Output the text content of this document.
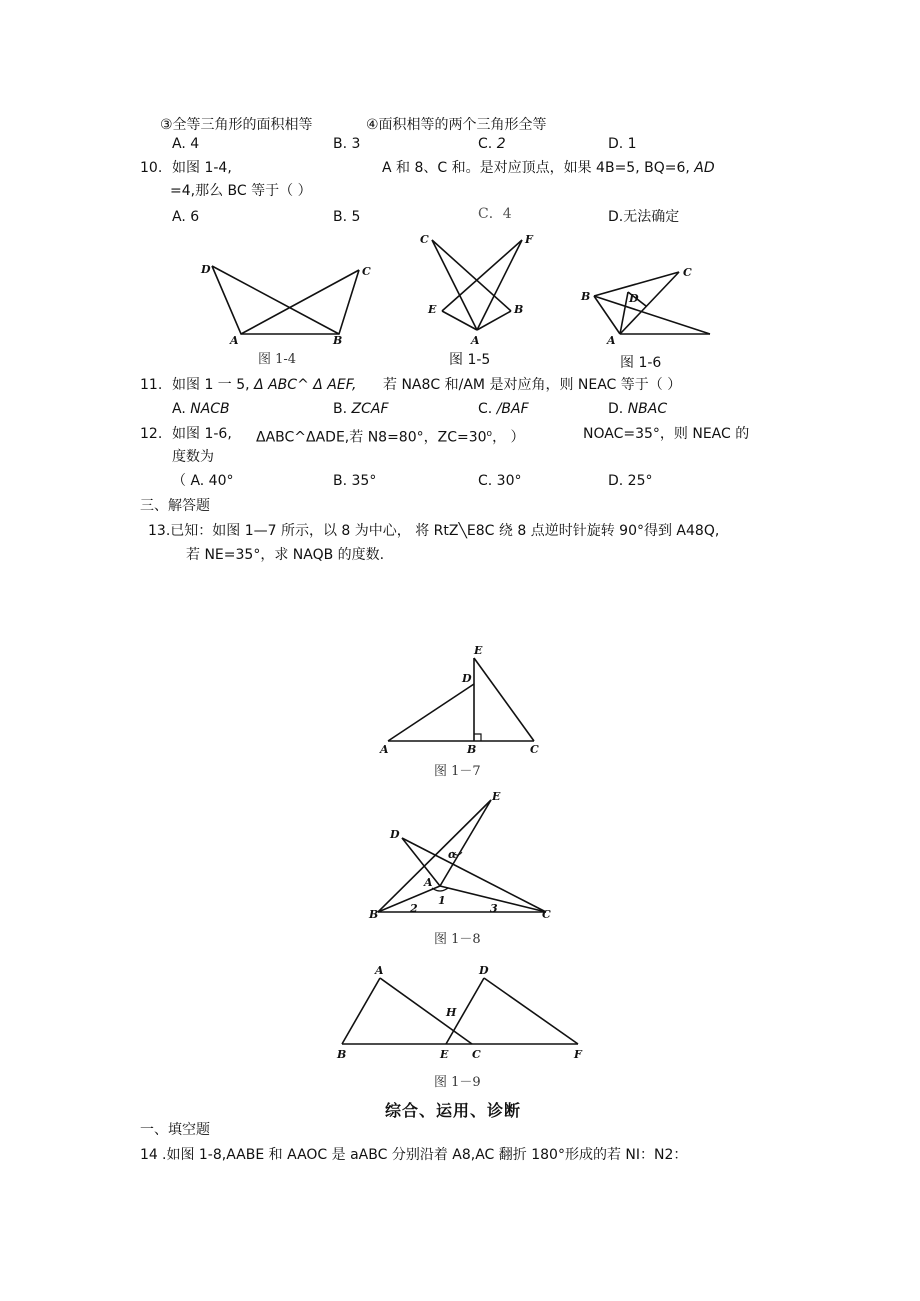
③全等三角形的面积相等	④面积相等的两个三角形全等
A. 4	B. 3	C. 2	D. 1
10. 如图 1-4,	A 和 8、C 和。是对应顶点，如果 4B=5, BQ=6, AD
=4,那么 BC 等于（ ）
A. 6	B. 5	C．4	D.无法确定
D	C
A	B
图 1-4
C	F
E	B
A
图 1-5
B
C
D
A
图 1-6
11. 如图 1 一 5, Δ ABC^ Δ AEF, 若 NA8C 和/AM 是对应角，则 NEAC 等于（ ）
A. NACB	B. ZCAF	C. /BAF	D. NBAC
12. 如图 1-6, ΔABC^ΔADE,若 N8=80°，$ZC=30^o$， ）	NOAC=35°，则 NEAC 的
度数为
（ A. 40°	B. 35°	C. 30°	D. 25°
三、解答题
13.已知：如图 1—7 所示，以 8 为中心， 将 RtZ╲E8C 绕 8 点逆时针旋转 90°得到 A48Q,
若 NE=35°，求 NAQB 的度数.
E
D
A	B	C
图 1－7
E
D
α
A
1
2	3
B	C
图 1－8
A	D
H
B	E C	F
图 1－9
综合、运用、诊断
一、填空题
14 .如图 1-8,AABE 和 AAOC 是 aABC 分别沿着 A8,AC 翻折 180°形成的若 NI：N2：
